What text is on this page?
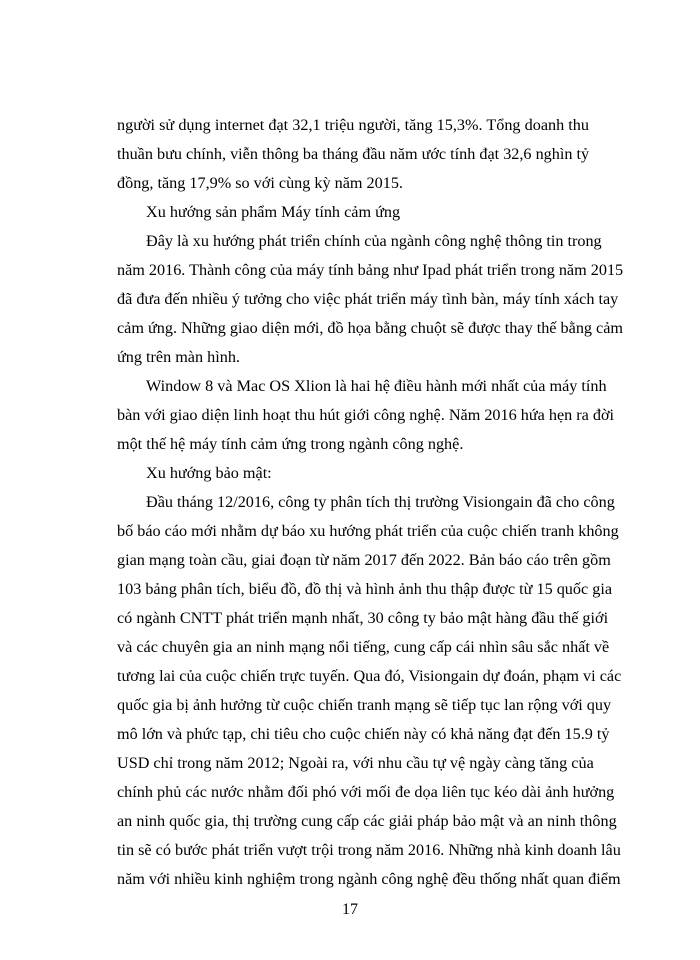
người sử dụng internet đạt 32,1 triệu người, tăng 15,3%. Tổng doanh thu
thuần bưu chính, viễn thông ba tháng đầu năm ước tính đạt 32,6 nghìn tỷ
đồng, tăng 17,9% so với cùng kỳ năm 2015.
Xu hướng sản phẩm Máy tính cảm ứng
Đây là xu hướng phát triển chính của ngành công nghệ thông tin trong
năm 2016. Thành công của máy tính bảng như Ipad phát triển trong năm 2015
đã đưa đến nhiều ý tưởng cho việc phát triển máy tình bàn, máy tính xách tay
cảm ứng. Những giao diện mới, đồ họa bằng chuột sẽ được thay thế bằng cảm
ứng trên màn hình.
Window 8 và Mac OS Xlion là hai hệ điều hành mới nhất của máy tính
bàn với giao diện linh hoạt thu hút giới công nghệ. Năm 2016 hứa hẹn ra đời
một thế hệ máy tính cảm ứng trong ngành công nghệ.
Xu hướng bảo mật:
Đầu tháng 12/2016, công ty phân tích thị trường Visiongain đã cho công
bố báo cáo mới nhằm dự báo xu hướng phát triển của cuộc chiến tranh không
gian mạng toàn cầu, giai đoạn từ năm 2017 đến 2022. Bản báo cáo trên gồm
103 bảng phân tích, biểu đồ, đồ thị và hình ảnh thu thập được từ 15 quốc gia
có ngành CNTT phát triển mạnh nhất, 30 công ty bảo mật hàng đầu thế giới
và các chuyên gia an ninh mạng nổi tiếng, cung cấp cái nhìn sâu sắc nhất về
tương lai của cuộc chiến trực tuyến. Qua đó, Visiongain dự đoán, phạm vi các
quốc gia bị ảnh hưởng từ cuộc chiến tranh mạng sẽ tiếp tục lan rộng với quy
mô lớn và phức tạp, chi tiêu cho cuộc chiến này có khả năng đạt đến 15.9 tỷ
USD chỉ trong năm 2012; Ngoài ra, với nhu cầu tự vệ ngày càng tăng của
chính phủ các nước nhằm đối phó với mối đe dọa liên tục kéo dài ảnh hưởng
an ninh quốc gia, thị trường cung cấp các giải pháp bảo mật và an ninh thông
tin sẽ có bước phát triển vượt trội trong năm 2016. Những nhà kinh doanh lâu
năm với nhiều kinh nghiệm trong ngành công nghệ đều thống nhất quan điểm
17
